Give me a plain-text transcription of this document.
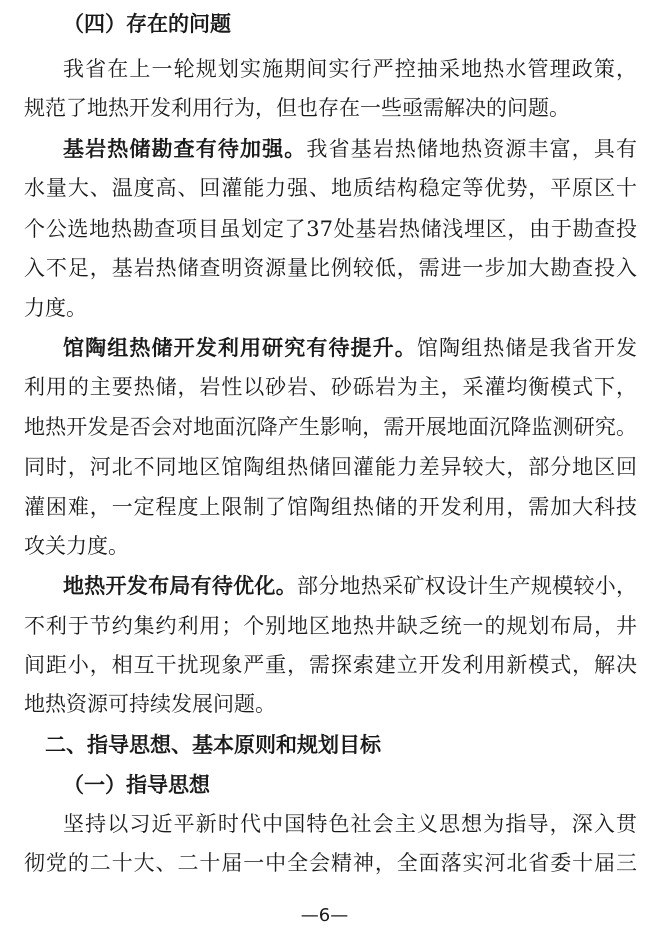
（四）存在的问题
我省在上一轮规划实施期间实行严控抽采地热水管理政策，
规范了地热开发利用行为，但也存在一些亟需解决的问题。
基岩热储勘查有待加强。我省基岩热储地热资源丰富，具有
水量大、温度高、回灌能力强、地质结构稳定等优势，平原区十
个公选地热勘查项目虽划定了37处基岩热储浅埋区，由于勘查投
入不足，基岩热储查明资源量比例较低，需进一步加大勘查投入
力度。
馆陶组热储开发利用研究有待提升。馆陶组热储是我省开发
利用的主要热储，岩性以砂岩、砂砾岩为主，采灌均衡模式下，
地热开发是否会对地面沉降产生影响，需开展地面沉降监测研究。
同时，河北不同地区馆陶组热储回灌能力差异较大，部分地区回
灌困难，一定程度上限制了馆陶组热储的开发利用，需加大科技
攻关力度。
地热开发布局有待优化。部分地热采矿权设计生产规模较小，
不利于节约集约利用；个别地区地热井缺乏统一的规划布局，井
间距小，相互干扰现象严重，需探索建立开发利用新模式，解决
地热资源可持续发展问题。
二、指导思想、基本原则和规划目标
（一）指导思想
坚持以习近平新时代中国特色社会主义思想为指导，深入贯
彻党的二十大、二十届一中全会精神，全面落实河北省委十届三
—6—
